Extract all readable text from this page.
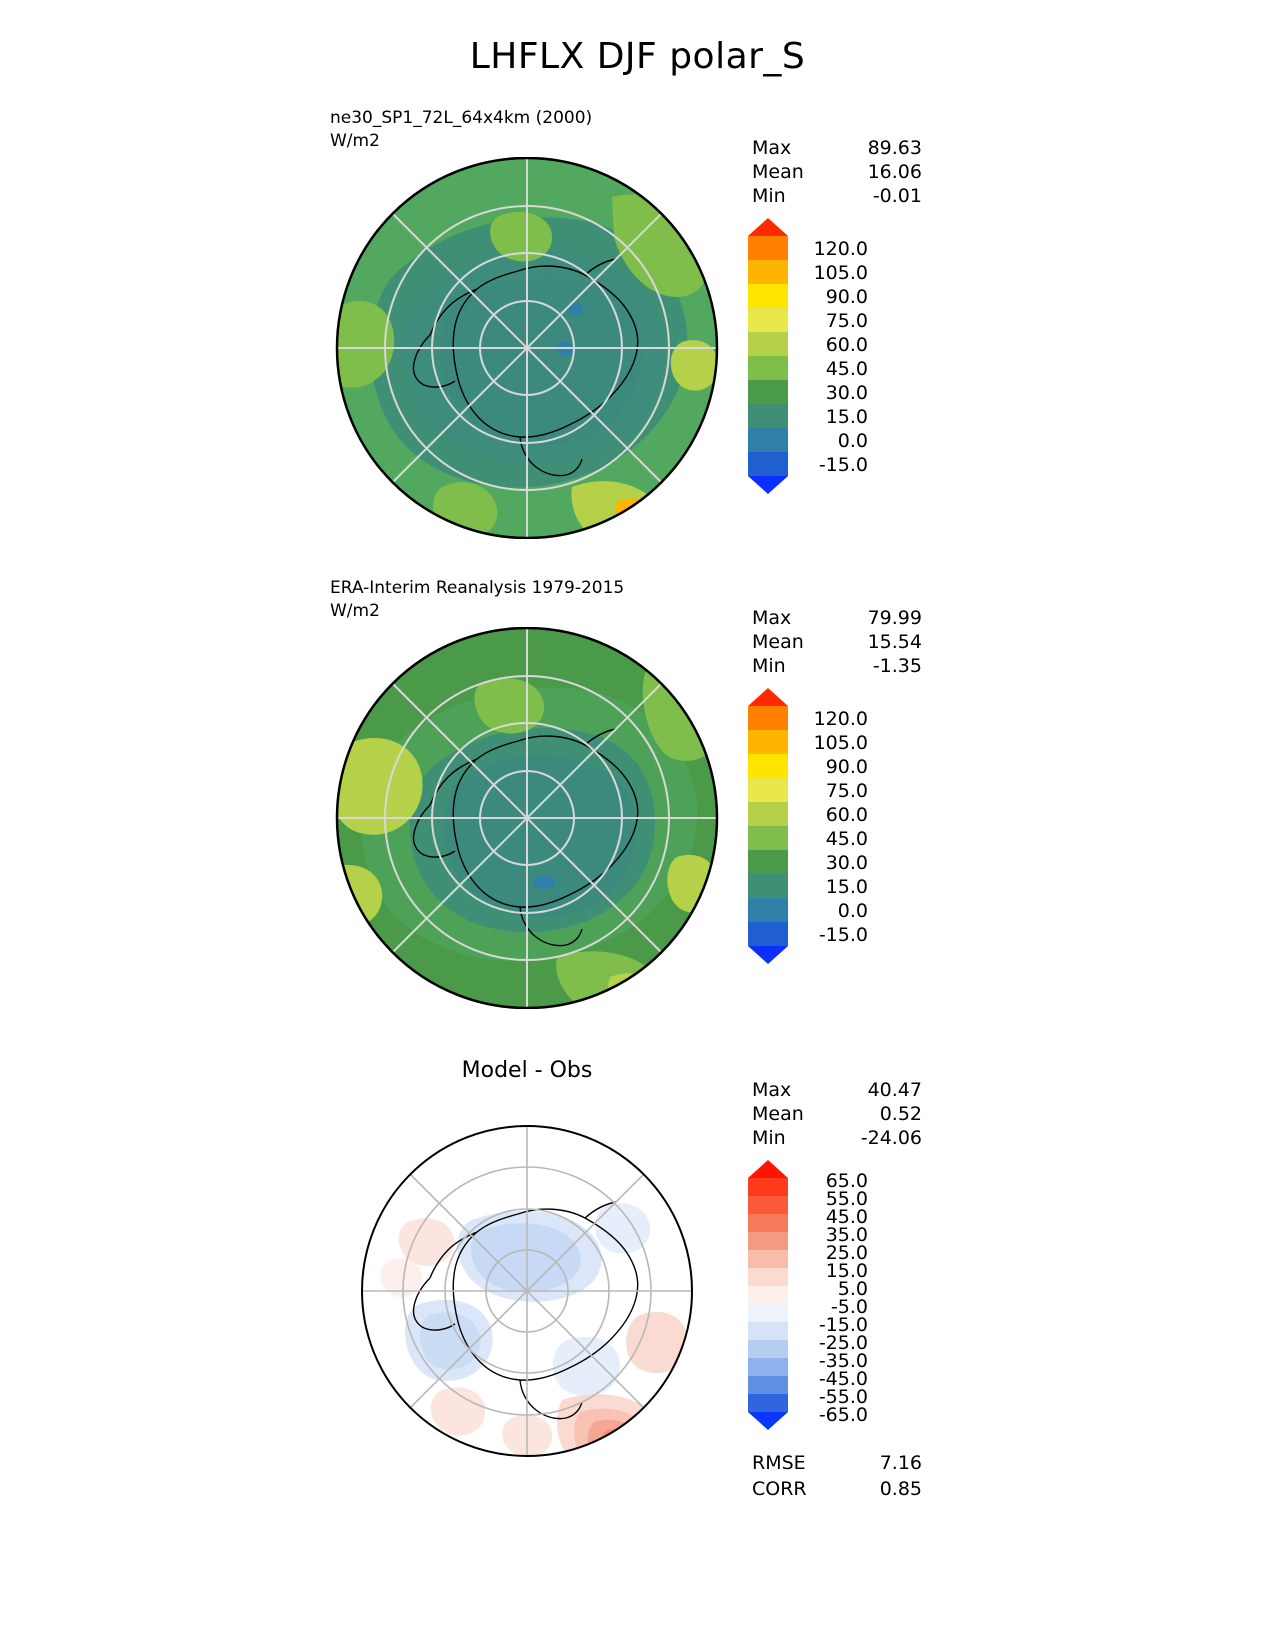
LHFLX DJF polar_S
ne30_SP1_72L_64x4km (2000)
W/m2	Max	89.63
Mean	16.06
Min	-0.01
120.0
105.0
90.0
75.0
60.0
45.0
30.0
15.0
0.0
-15.0
ERA-Interim Reanalysis 1979-2015
W/m2	Max	79.99
Mean	15.54
Min	-1.35
120.0
105.0
90.0
75.0
60.0
45.0
30.0
15.0
0.0
-15.0
Model - Obs
Max	40.47
Mean	0.52
Min	-24.06
65.0
55.0
45.0
35.0
25.0
15.0
5.0
-5.0
-15.0
-25.0
-35.0
-45.0
-55.0
-65.0
RMSE	7.16
CORR	0.85
